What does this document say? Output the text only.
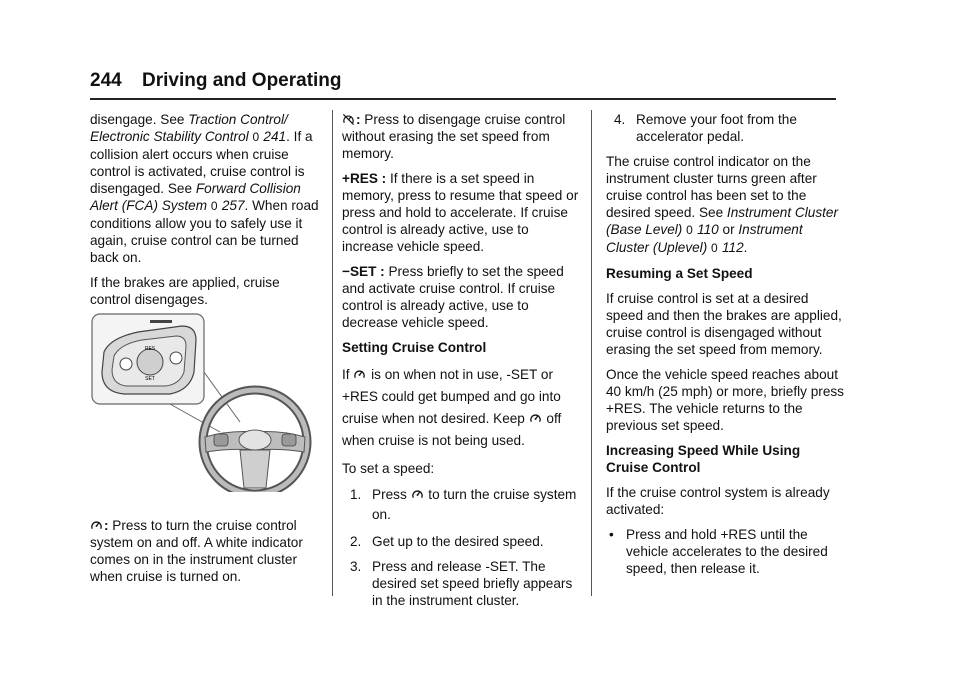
244 Driving and Operating

disengage. See Traction Control/ Electronic Stability Control 0 241. If a collision alert occurs when cruise control is activated, cruise control is disengaged. See Forward Collision Alert (FCA) System 0 257. When road conditions allow you to safely use it again, cruise control can be turned back on.

If the brakes are applied, cruise control disengages.

RES
SET

: Press to turn the cruise control system on and off. A white indicator comes on in the instrument cluster when cruise is turned on.

: Press to disengage cruise control without erasing the set speed from memory.

+RES : If there is a set speed in memory, press to resume that speed or press and hold to accelerate. If cruise control is already active, use to increase vehicle speed.

−SET : Press briefly to set the speed and activate cruise control. If cruise control is already active, use to decrease vehicle speed.

Setting Cruise Control

If
is on when not in use, -SET or +RES could get bumped and go into cruise when not desired. Keep
off when cruise is not being used.

To set a speed:

1. Press
to turn the cruise system on.
2. Get up to the desired speed.
3. Press and release -SET. The desired set speed briefly appears in the instrument cluster.
4. Remove your foot from the accelerator pedal.

The cruise control indicator on the instrument cluster turns green after cruise control has been set to the desired speed. See Instrument Cluster (Base Level) 0 110 or Instrument Cluster (Uplevel) 0 112.

Resuming a Set Speed

If cruise control is set at a desired speed and then the brakes are applied, cruise control is disengaged without erasing the set speed from memory.

Once the vehicle speed reaches about 40 km/h (25 mph) or more, briefly press +RES. The vehicle returns to the previous set speed.

Increasing Speed While Using Cruise Control

If the cruise control system is already activated:

• Press and hold +RES until the vehicle accelerates to the desired speed, then release it.
